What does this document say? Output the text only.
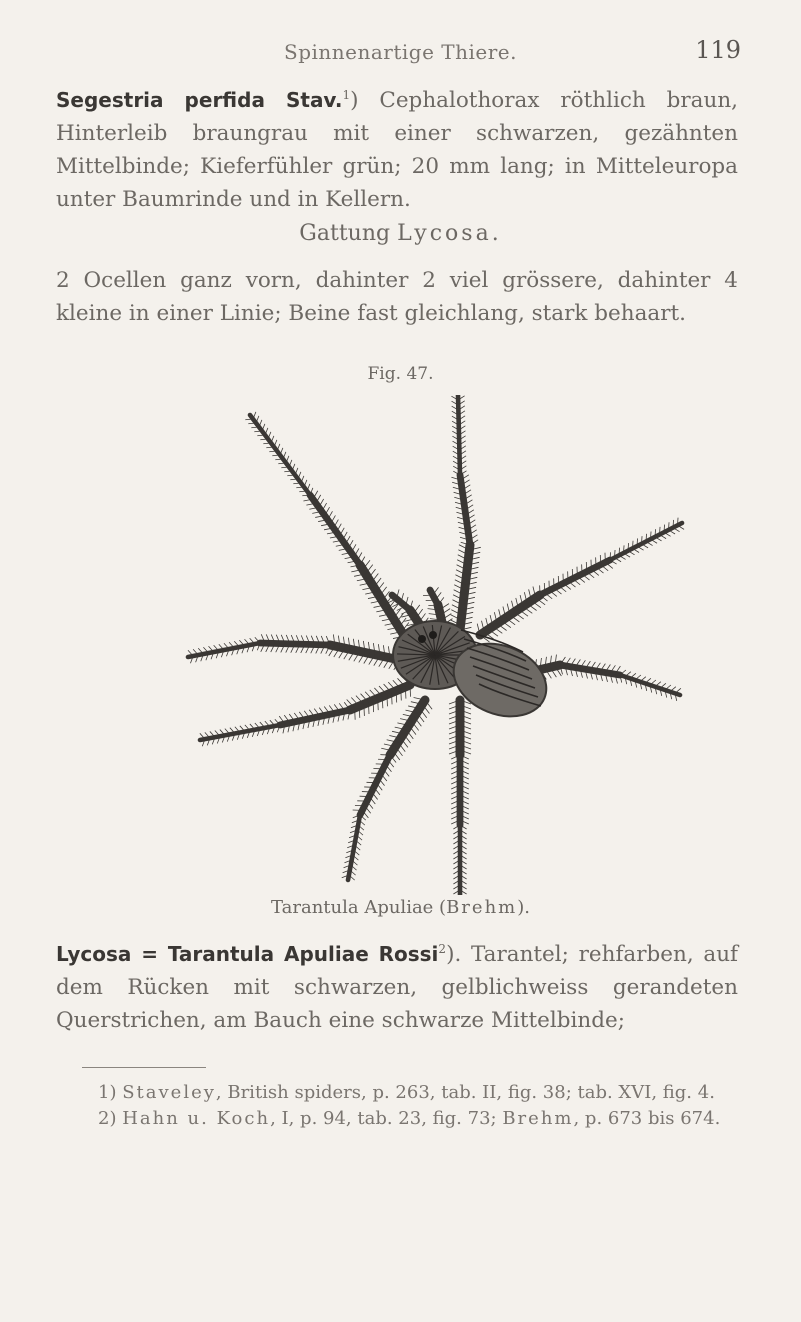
Spinnenartige Thiere.	119
Segestria perfida Stav.$^1$) Cephalothorax röthlich braun, Hinterleib braungrau mit einer schwarzen, gezähnten Mittelbinde; Kieferfühler grün; 20 mm lang; in Mitteleuropa unter Baumrinde und in Kellern.
Gattung Lycosa.
2 Ocellen ganz vorn, dahinter 2 viel grössere, dahinter 4 kleine in einer Linie; Beine fast gleichlang, stark behaart.
Fig. 47.
Tarantula Apuliae (Brehm).
Lycosa = Tarantula Apuliae Rossi$^2$). Tarantel; rehfarben, auf dem Rücken mit schwarzen, gelblichweiss gerandeten Querstrichen, am Bauch eine schwarze Mittelbinde;

1) Staveley, British spiders, p. 263, tab. II, fig. 38; tab. XVI, fig. 4.

2) Hahn u. Koch, I, p. 94, tab. 23, fig. 73; Brehm, p. 673 bis 674.
